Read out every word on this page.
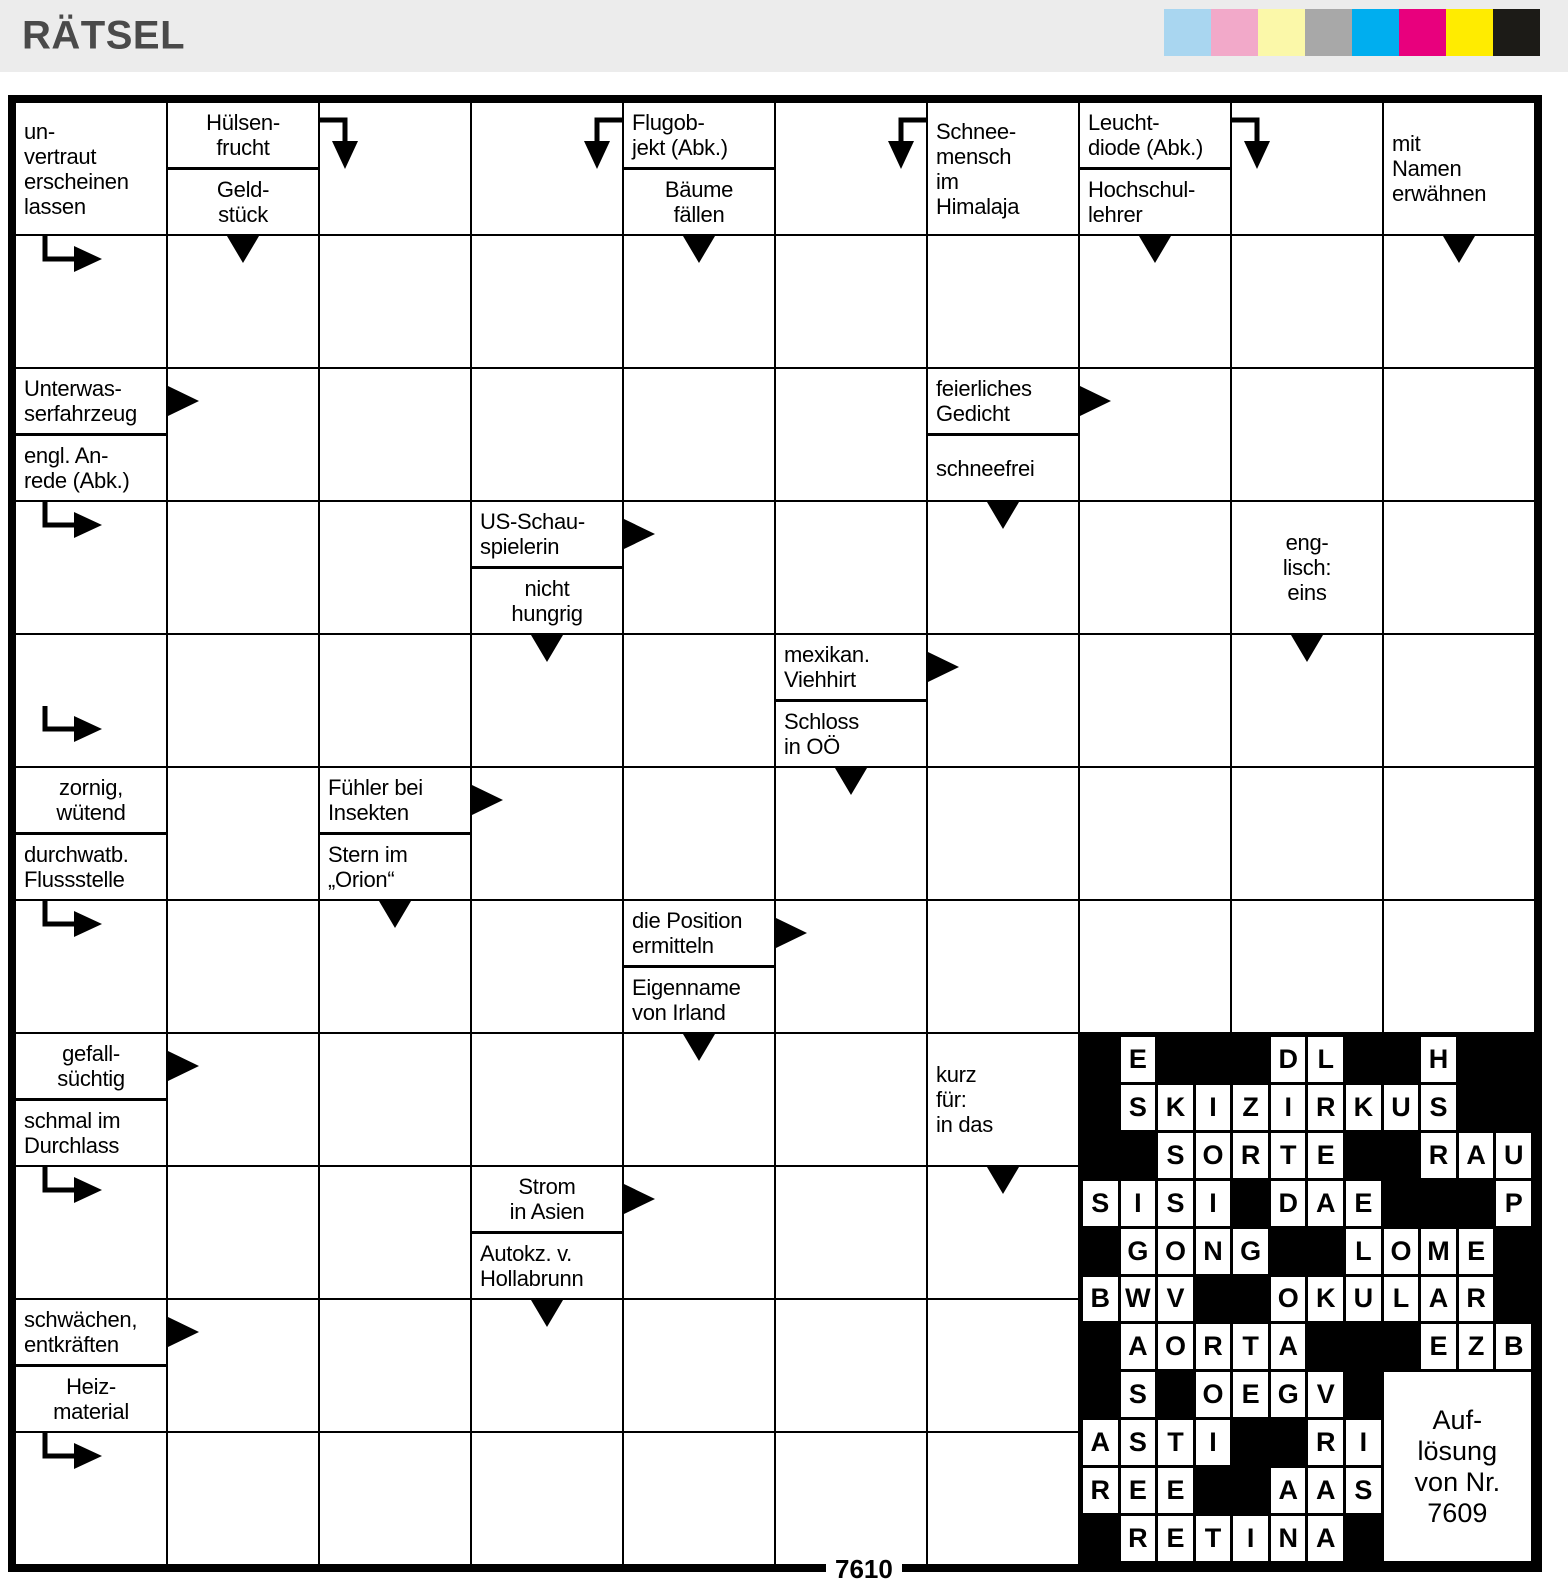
RÄTSEL
un-
vertraut
erscheinen
lassen
Hülsen-
frucht
Geld-
stück
Flugob-
jekt (Abk.)
Bäume
fällen
Schnee-
mensch
im
Himalaja
Leucht-
diode (Abk.)
Hochschul-
lehrer
mit
Namen
erwähnen
Unterwas-
serfahrzeug
engl. An-
rede (Abk.)
feierliches
Gedicht
schneefrei
US-Schau-
spielerin
nicht
hungrig
eng-
lisch:
eins
mexikan.
Viehhirt
Schloss
in OÖ
zornig,
wütend
durchwatb.
Flussstelle
Fühler bei
Insekten
Stern im
„Orion“
die Position
ermitteln
Eigenname
von Irland
gefall-
süchtig
schmal im
Durchlass
kurz
für:
in das
Strom
in Asien
Autokz. v.
Hollabrunn
schwächen,
entkräften
Heiz-
material
E	D L	H
S K I Z I R K U S
S O R T E	R A U
S I S I	D A E	P
G O N G	L O M E
B W V	O K U L A R
A O R T A	E Z B
S	O E G V
A S T I	R I
R E E	A A S
R E T I N A
Auf-
lösung
von Nr.
7609
7610
